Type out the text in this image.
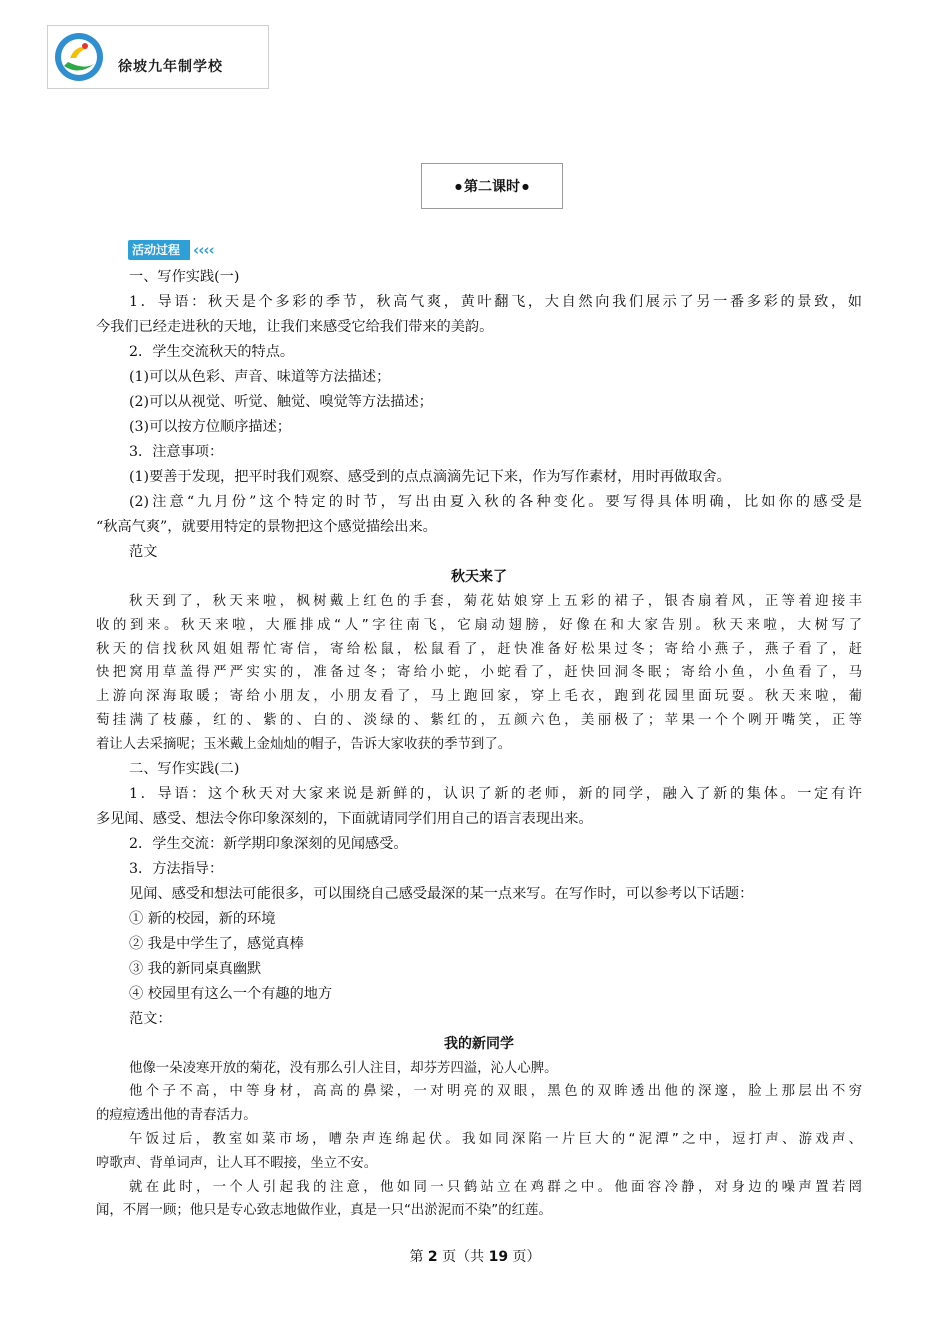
徐坡九年制学校
● 第二课时 ●
活动过程 ‹‹‹‹
一、写作实践(一)
1．导语：秋天是个多彩的季节，秋高气爽，黄叶翻飞，大自然向我们展示了另一番多彩的景致，如
今我们已经走进秋的天地，让我们来感受它给我们带来的美韵。
2．学生交流秋天的特点。
(1)可以从色彩、声音、味道等方法描述；
(2)可以从视觉、听觉、触觉、嗅觉等方法描述；
(3)可以按方位顺序描述；
3．注意事项：
(1)要善于发现，把平时我们观察、感受到的点点滴滴先记下来，作为写作素材，用时再做取舍。
(2)注意“九月份”这个特定的时节，写出由夏入秋的各种变化。要写得具体明确，比如你的感受是
“秋高气爽”，就要用特定的景物把这个感觉描绘出来。
范文
秋天来了
秋天到了，秋天来啦，枫树戴上红色的手套，菊花姑娘穿上五彩的裙子，银杏扇着风，正等着迎接丰
收的到来。秋天来啦，大雁排成“人”字往南飞，它扇动翅膀，好像在和大家告别。秋天来啦，大树写了
秋天的信找秋风姐姐帮忙寄信，寄给松鼠，松鼠看了，赶快准备好松果过冬；寄给小燕子，燕子看了，赶
快把窝用草盖得严严实实的，准备过冬；寄给小蛇，小蛇看了，赶快回洞冬眠；寄给小鱼，小鱼看了，马
上游向深海取暖；寄给小朋友，小朋友看了，马上跑回家，穿上毛衣，跑到花园里面玩耍。秋天来啦，葡
萄挂满了枝藤，红的、紫的、白的、淡绿的、紫红的，五颜六色，美丽极了；苹果一个个咧开嘴笑，正等
着让人去采摘呢；玉米戴上金灿灿的帽子，告诉大家收获的季节到了。
二、写作实践(二)
1．导语：这个秋天对大家来说是新鲜的，认识了新的老师，新的同学，融入了新的集体。一定有许
多见闻、感受、想法令你印象深刻的，下面就请同学们用自己的语言表现出来。
2．学生交流：新学期印象深刻的见闻感受。
3．方法指导：
见闻、感受和想法可能很多，可以围绕自己感受最深的某一点来写。在写作时，可以参考以下话题：
① 新的校园，新的环境
② 我是中学生了，感觉真棒
③ 我的新同桌真幽默
④ 校园里有这么一个有趣的地方
范文：
我的新同学
他像一朵凌寒开放的菊花，没有那么引人注目，却芬芳四溢，沁人心脾。
他个子不高，中等身材，高高的鼻梁，一对明亮的双眼，黑色的双眸透出他的深邃，脸上那层出不穷
的痘痘透出他的青春活力。
午饭过后，教室如菜市场，嘈杂声连绵起伏。我如同深陷一片巨大的“泥潭”之中，逗打声、游戏声、
哼歌声、背单词声，让人耳不暇接，坐立不安。
就在此时，一个人引起我的注意，他如同一只鹤站立在鸡群之中。他面容冷静，对身边的噪声置若罔
闻，不屑一顾；他只是专心致志地做作业，真是一只“出淤泥而不染”的红莲。
第 2 页（共 19 页）
